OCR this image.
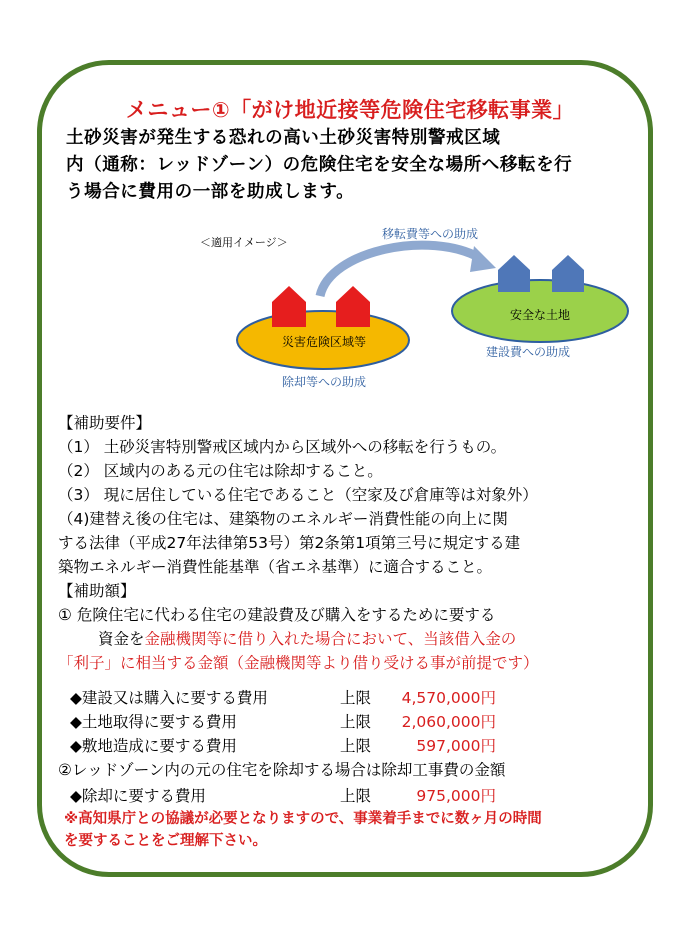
メニュー①「がけ地近接等危険住宅移転事業」
土砂災害が発生する恐れの高い土砂災害特別警戒区域
内（通称：レッドゾーン）の危険住宅を安全な場所へ移転を行
う場合に費用の一部を助成します。
＜適用イメージ＞
災害危険区域等
安全な土地
移転費等への助成
除却等への助成
建設費への助成
【補助要件】
（1） 土砂災害特別警戒区域内から区域外への移転を行うもの。
（2） 区域内のある元の住宅は除却すること。
（3） 現に居住している住宅であること（空家及び倉庫等は対象外）
（4)建替え後の住宅は、建築物のエネルギー消費性能の向上に関
する法律（平成27年法律第53号）第2条第1項第三号に規定する建
築物エネルギー消費性能基準（省エネ基準）に適合すること。
【補助額】
① 危険住宅に代わる住宅の建設費及び購入をするために要する
資金を金融機関等に借り入れた場合において、当該借入金の
「利子」に相当する金額（金融機関等より借り受ける事が前提です）
◆建設又は購入に要する費用	上限 4,570,000円
◆土地取得に要する費用	上限 2,060,000円
◆敷地造成に要する費用	上限	597,000円
②レッドゾーン内の元の住宅を除却する場合は除却工事費の金額
◆除却に要する費用	上限	975,000円
※高知県庁との協議が必要となりますので、事業着手までに数ヶ月の時間
を要することをご理解下さい。
